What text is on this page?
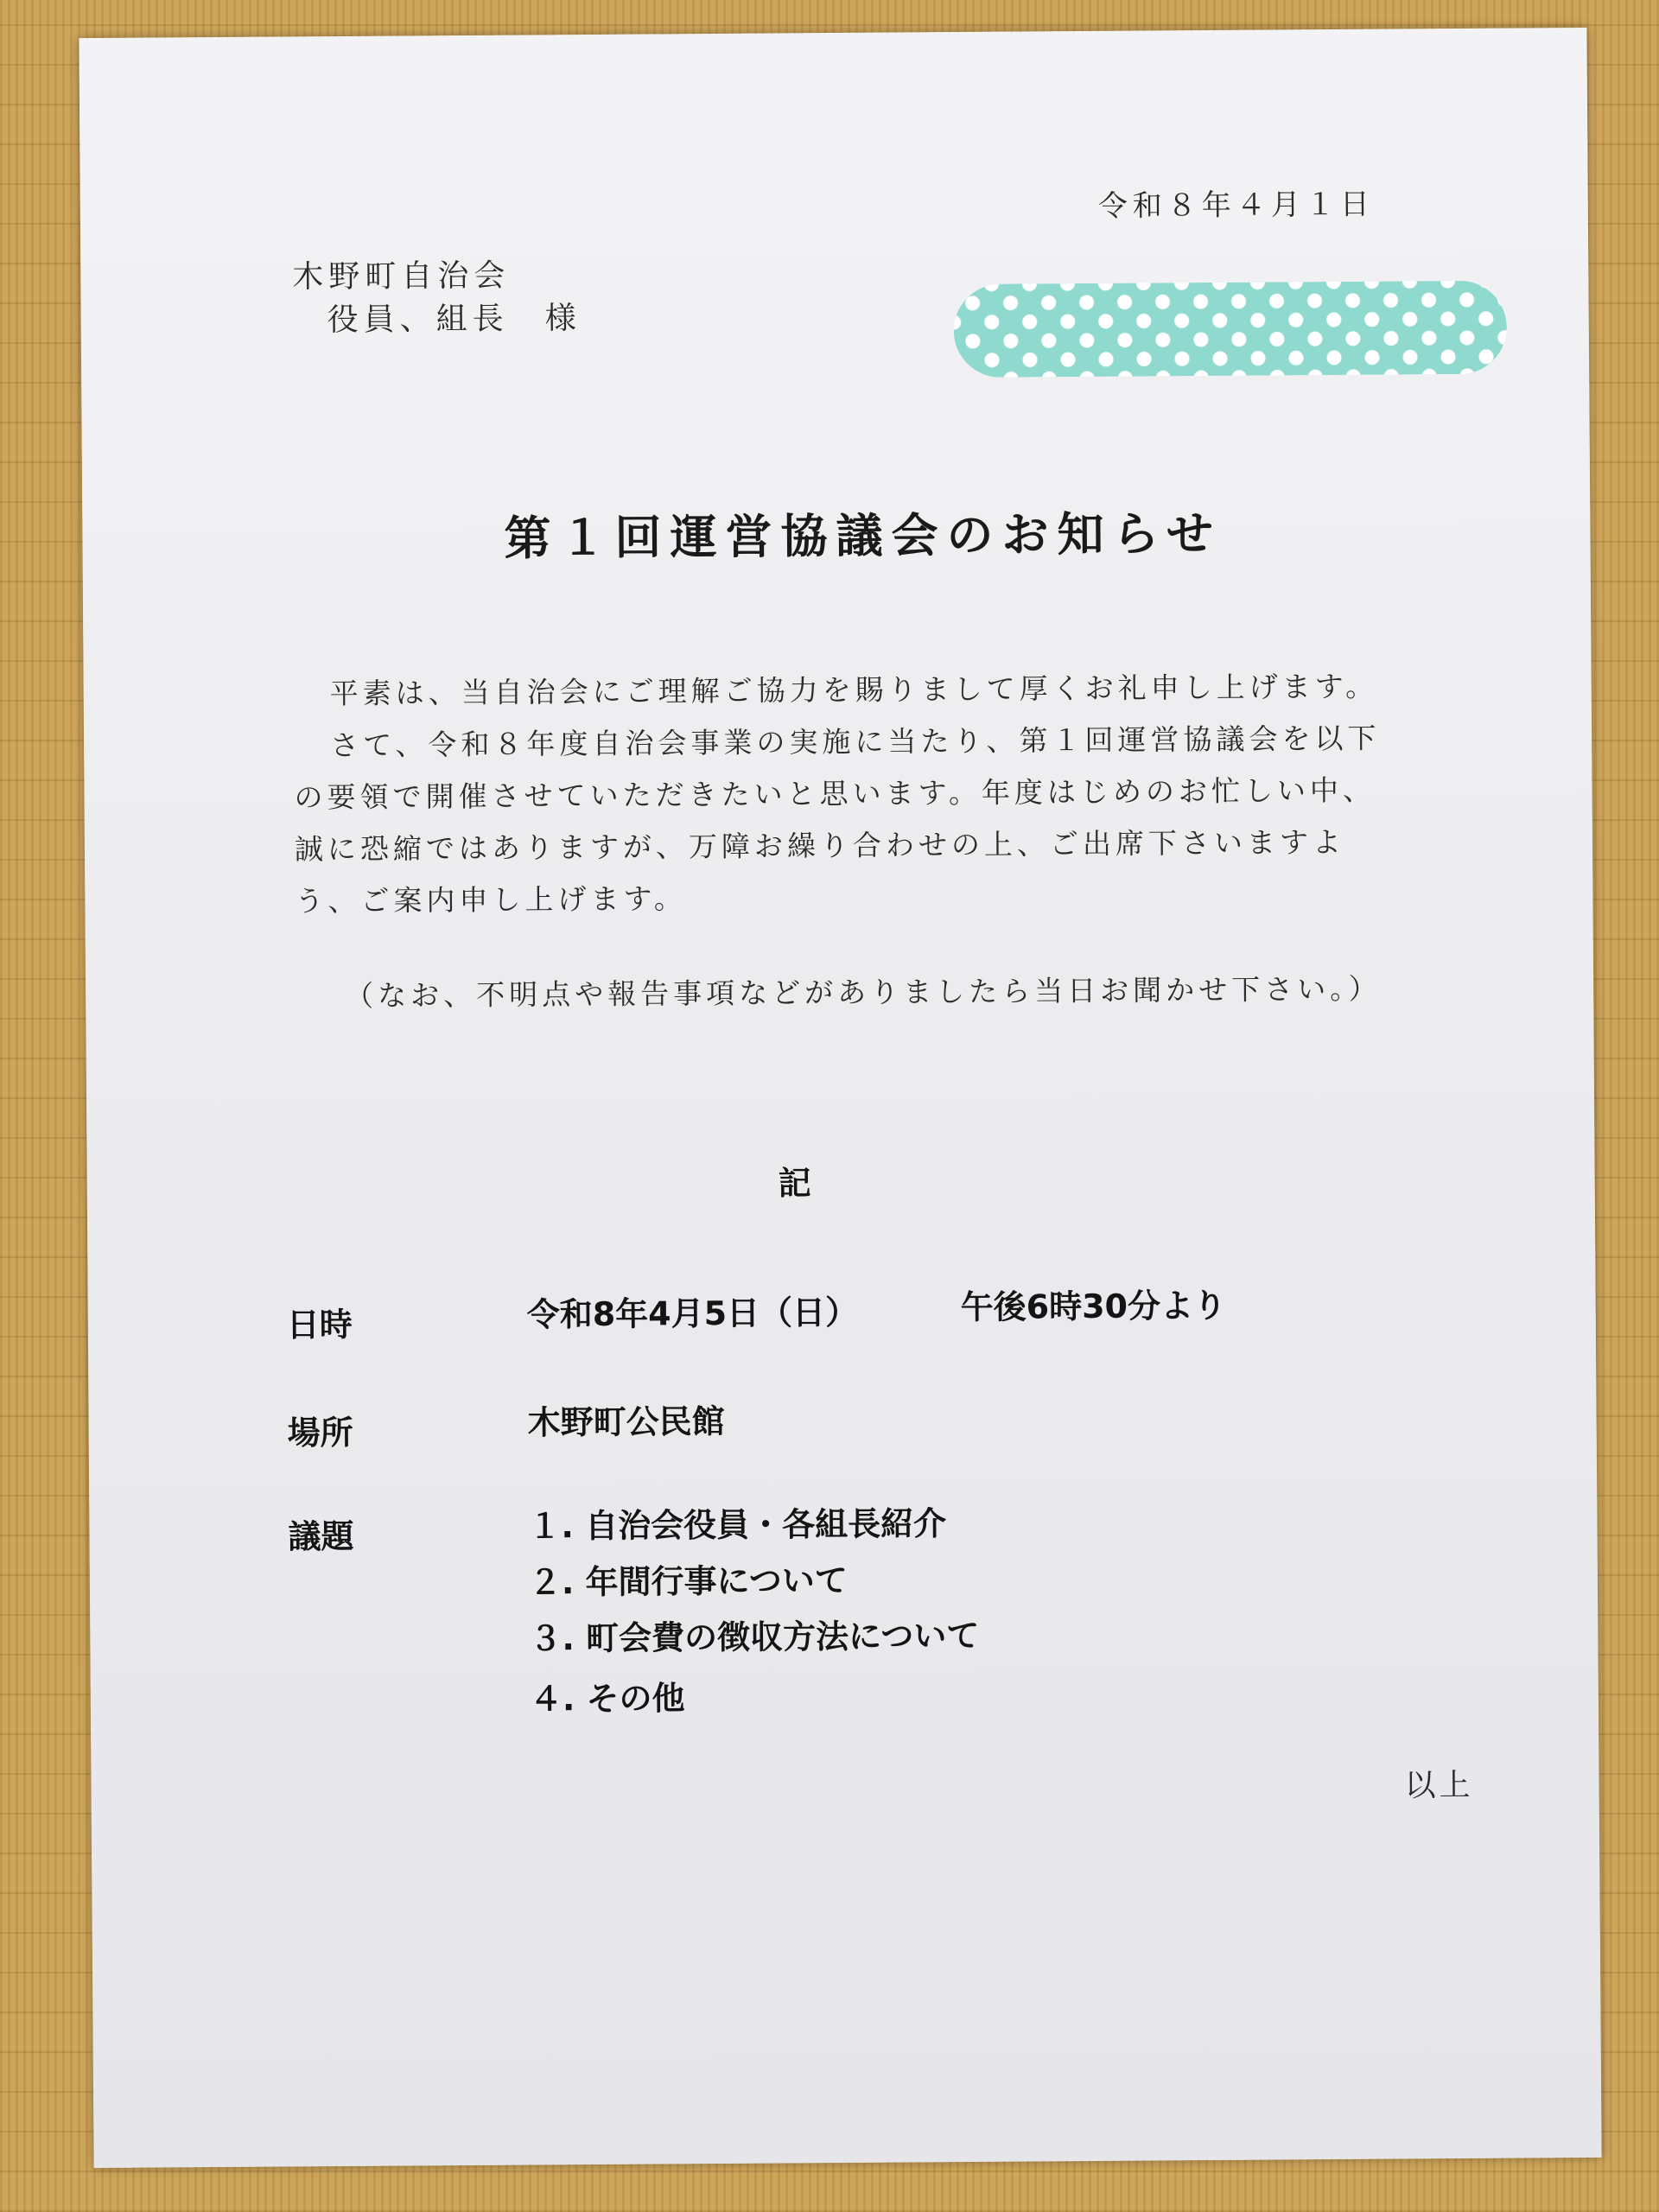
令和８年４月１日
木野町自治会
役員、組長　様
第１回運営協議会のお知らせ
平素は、当自治会にご理解ご協力を賜りまして厚くお礼申し上げます。
さて、令和８年度自治会事業の実施に当たり、第１回運営協議会を以下
の要領で開催させていただきたいと思います。年度はじめのお忙しい中、
誠に恐縮ではありますが、万障お繰り合わせの上、ご出席下さいますよ
う、ご案内申し上げます。
（なお、不明点や報告事項などがありましたら当日お聞かせ下さい。）
記
日時	令和8年4月5日（日）	午後6時30分より
場所	木野町公民館
議題	１. 自治会役員・各組長紹介
２. 年間行事について
３. 町会費の徴収方法について
４. その他
以上
